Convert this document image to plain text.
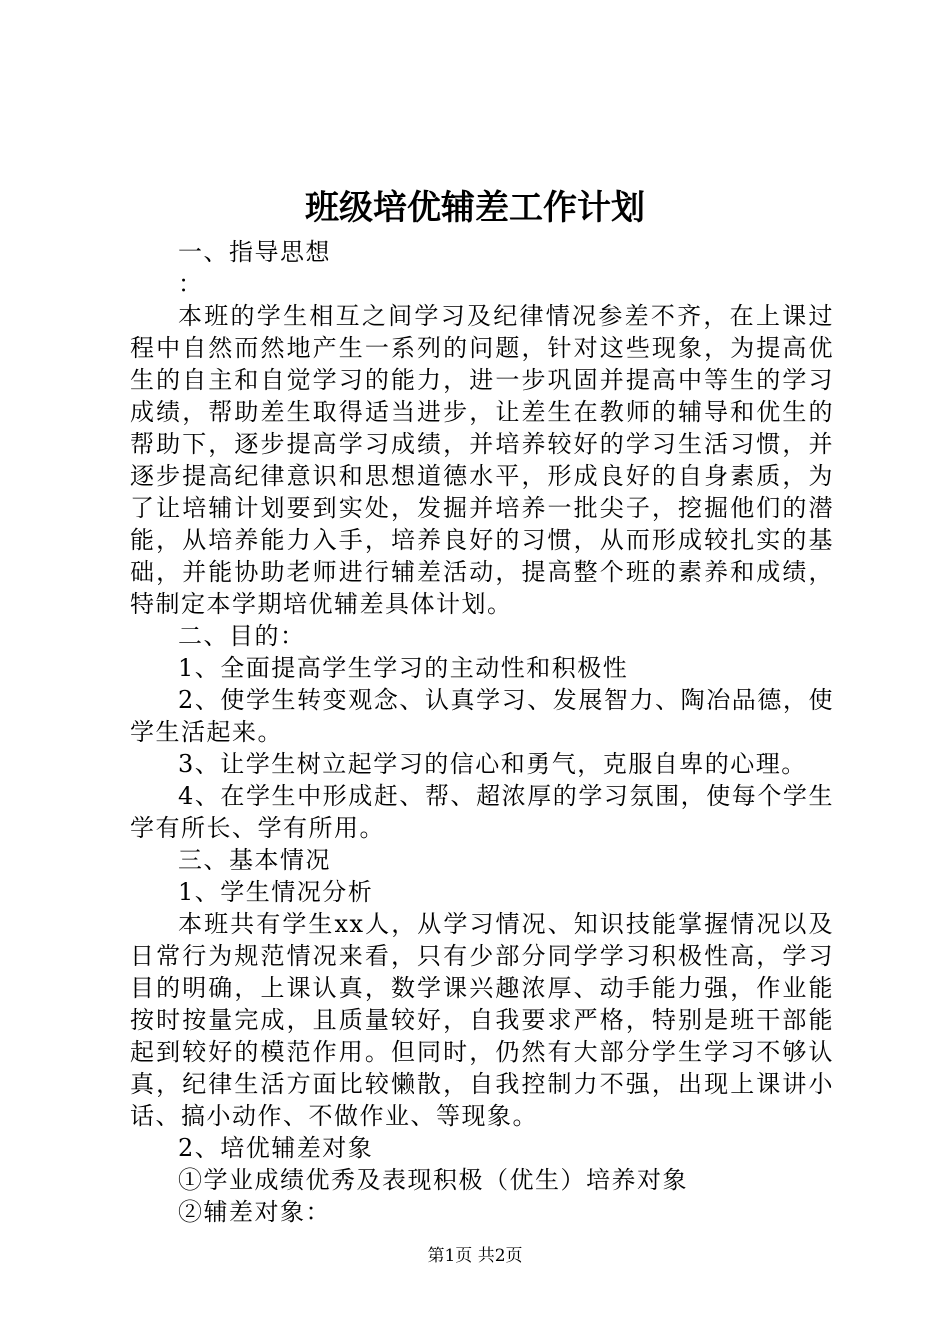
班级培优辅差工作计划

一、指导思想

：

本班的学生相互之间学习及纪律情况参差不齐，在上课过程中自然而然地产生一系列的问题，针对这些现象，为提高优生的自主和自觉学习的能力，进一步巩固并提高中等生的学习成绩，帮助差生取得适当进步，让差生在教师的辅导和优生的帮助下，逐步提高学习成绩，并培养较好的学习生活习惯，并逐步提高纪律意识和思想道德水平，形成良好的自身素质，为了让培辅计划要到实处，发掘并培养一批尖子，挖掘他们的潜能，从培养能力入手，培养良好的习惯，从而形成较扎实的基础，并能协助老师进行辅差活动，提高整个班的素养和成绩，特制定本学期培优辅差具体计划。

二、目的：

1、全面提高学生学习的主动性和积极性

2、使学生转变观念、认真学习、发展智力、陶冶品德，使学生活起来。

3、让学生树立起学习的信心和勇气，克服自卑的心理。

4、在学生中形成赶、帮、超浓厚的学习氛围，使每个学生学有所长、学有所用。

三、基本情况

1、学生情况分析

本班共有学生xx人，从学习情况、知识技能掌握情况以及日常行为规范情况来看，只有少部分同学学习积极性高，学习目的明确，上课认真，数学课兴趣浓厚、动手能力强，作业能按时按量完成，且质量较好，自我要求严格，特别是班干部能起到较好的模范作用。但同时，仍然有大部分学生学习不够认真，纪律生活方面比较懒散，自我控制力不强，出现上课讲小话、搞小动作、不做作业、等现象。

2、培优辅差对象

①学业成绩优秀及表现积极（优生）培养对象

②辅差对象：

第1页 共2页
